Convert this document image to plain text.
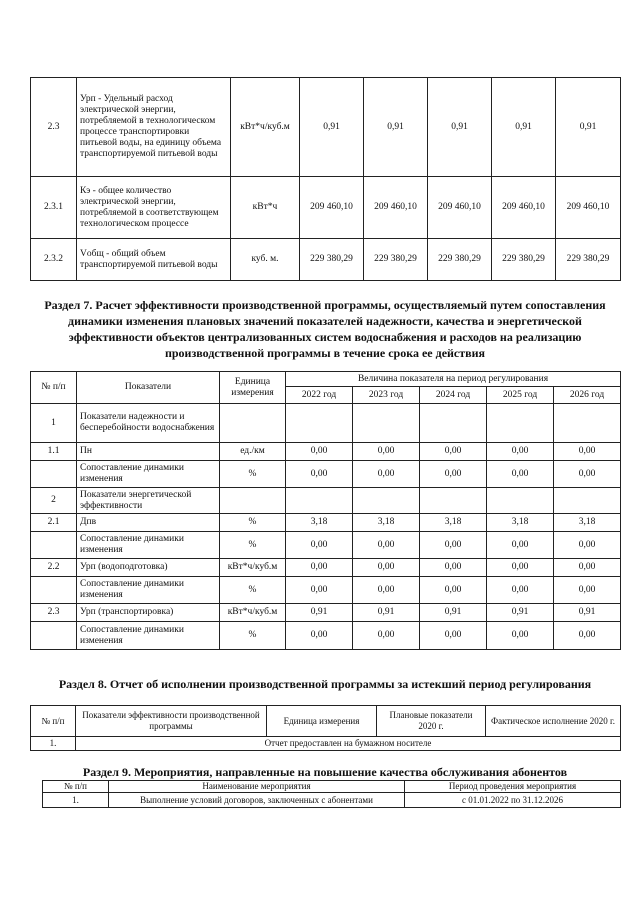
2.3	Урп - Удельный расход электрической энергии, потребляемой в технологическом процессе транспортировки питьевой воды, на единицу объема транспортируемой питьевой воды	кВт*ч/куб.м	0,91	0,91	0,91	0,91	0,91
2.3.1	Кэ - общее количество электрической энергии, потребляемой в соответствующем технологическом процессе	кВт*ч	209 460,10	209 460,10	209 460,10	209 460,10	209 460,10
2.3.2	Vобщ - общий объем транспортируемой питьевой воды	куб. м.	229 380,29	229 380,29	229 380,29	229 380,29	229 380,29
Раздел 7. Расчет эффективности производственной программы, осуществляемый путем сопоставления динамики изменения плановых значений показателей надежности, качества и энергетической эффективности объектов централизованных систем водоснабжения и расходов на реализацию производственной программы в течение срока ее действия
№ п/п	Показатели	Единица измерения	Величина показателя на период регулирования				
			2022 год	2023 год	2024 год	2025 год	2026 год
1	Показатели надежности и бесперебойности водоснабжения						
1.1	Пн	ед./км	0,00	0,00	0,00	0,00	0,00
	Сопоставление динамики изменения	%	0,00	0,00	0,00	0,00	0,00
2	Показатели энергетической эффективности						
2.1	Дпв	%	3,18	3,18	3,18	3,18	3,18
	Сопоставление динамики изменения	%	0,00	0,00	0,00	0,00	0,00
2.2	Урп (водоподготовка)	кВт*ч/куб.м	0,00	0,00	0,00	0,00	0,00
	Сопоставление динамики изменения	%	0,00	0,00	0,00	0,00	0,00
2.3	Урп (транспортировка)	кВт*ч/куб.м	0,91	0,91	0,91	0,91	0,91
	Сопоставление динамики изменения	%	0,00	0,00	0,00	0,00	0,00
Раздел 8. Отчет об исполнении производственной программы за истекший период регулирования
№ п/п	Показатели эффективности производственной программы	Единица измерения	Плановые показатели 2020 г.	Фактическое исполнение 2020 г.
1.	Отчет предоставлен на бумажном носителе			
Раздел 9. Мероприятия, направленные на повышение качества обслуживания абонентов
№ п/п	Наименование мероприятия	Период проведения мероприятия
1.	Выполнение условий договоров, заключенных с абонентами	с 01.01.2022 по 31.12.2026
